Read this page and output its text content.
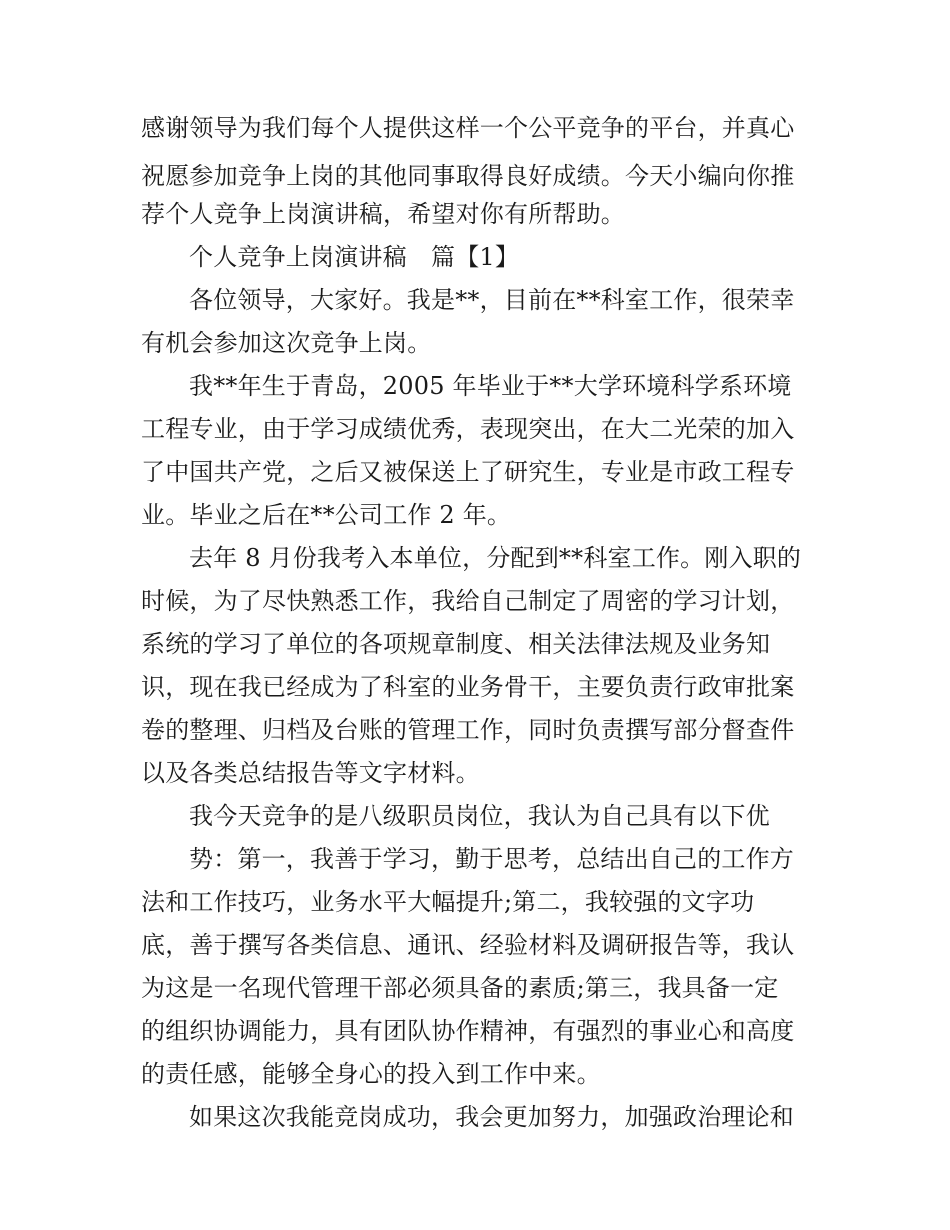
感谢领导为我们每个人提供这样一个公平竞争的平台，并真心
祝愿参加竞争上岗的其他同事取得良好成绩。今天小编向你推
荐个人竞争上岗演讲稿，希望对你有所帮助。
个人竞争上岗演讲稿　篇【1】
各位领导，大家好。我是**，目前在**科室工作，很荣幸
有机会参加这次竞争上岗。
我**年生于青岛，2005 年毕业于**大学环境科学系环境
工程专业，由于学习成绩优秀，表现突出，在大二光荣的加入
了中国共产党，之后又被保送上了研究生，专业是市政工程专
业。毕业之后在**公司工作 2 年。
去年 8 月份我考入本单位，分配到**科室工作。刚入职的
时候，为了尽快熟悉工作，我给自己制定了周密的学习计划，
系统的学习了单位的各项规章制度、相关法律法规及业务知
识，现在我已经成为了科室的业务骨干，主要负责行政审批案
卷的整理、归档及台账的管理工作，同时负责撰写部分督查件
以及各类总结报告等文字材料。
我今天竞争的是八级职员岗位，我认为自己具有以下优
势：第一，我善于学习，勤于思考，总结出自己的工作方
法和工作技巧，业务水平大幅提升;第二，我较强的文字功
底，善于撰写各类信息、通讯、经验材料及调研报告等，我认
为这是一名现代管理干部必须具备的素质;第三，我具备一定
的组织协调能力，具有团队协作精神，有强烈的事业心和高度
的责任感，能够全身心的投入到工作中来。
如果这次我能竞岗成功，我会更加努力，加强政治理论和
